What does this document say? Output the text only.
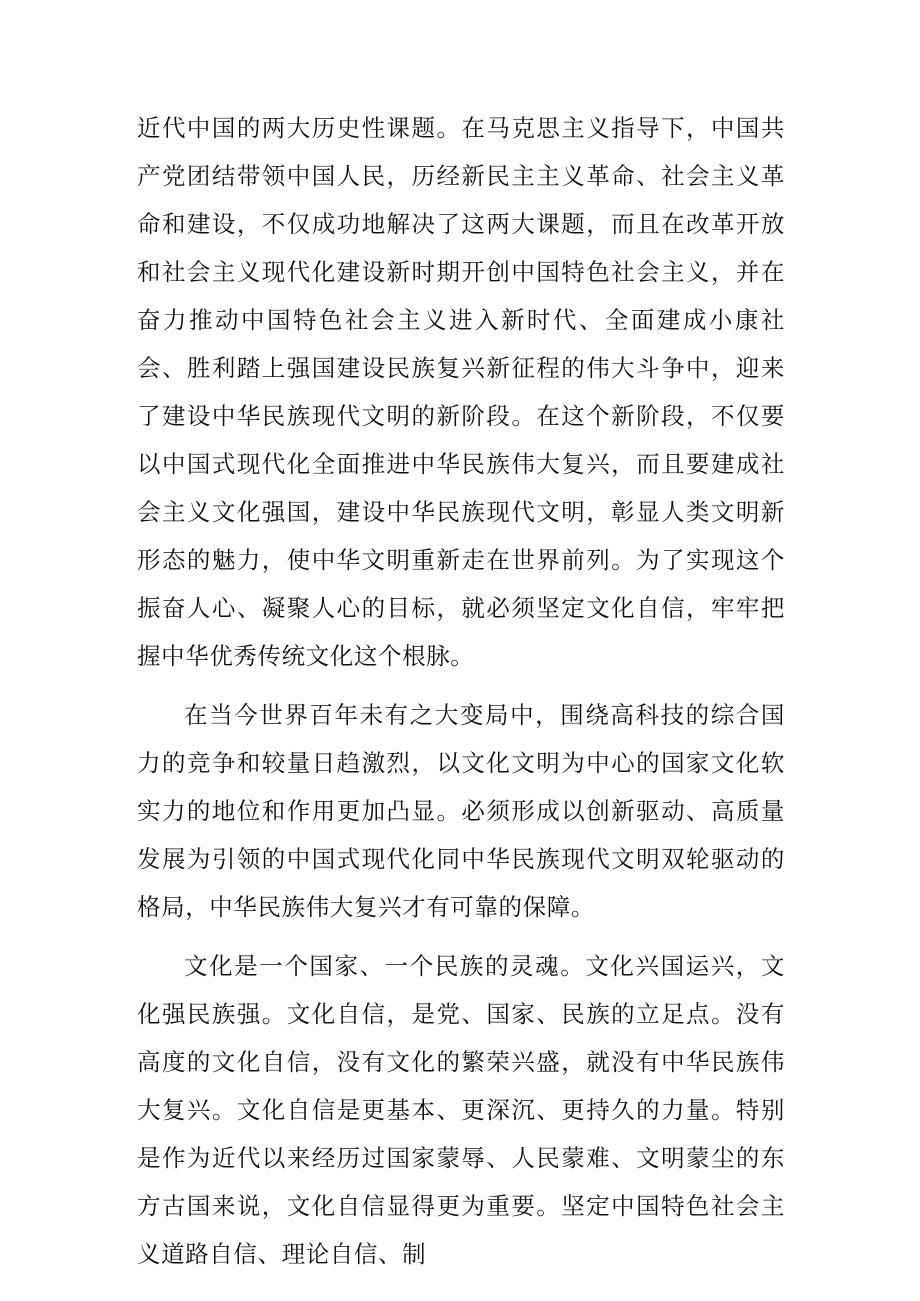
近代中国的两大历史性课题。在马克思主义指导下，中国共产党团结带领中国人民，历经新民主主义革命、社会主义革命和建设，不仅成功地解决了这两大课题，而且在改革开放和社会主义现代化建设新时期开创中国特色社会主义，并在奋力推动中国特色社会主义进入新时代、全面建成小康社会、胜利踏上强国建设民族复兴新征程的伟大斗争中，迎来了建设中华民族现代文明的新阶段。在这个新阶段，不仅要以中国式现代化全面推进中华民族伟大复兴，而且要建成社会主义文化强国，建设中华民族现代文明，彰显人类文明新形态的魅力，使中华文明重新走在世界前列。为了实现这个振奋人心、凝聚人心的目标，就必须坚定文化自信，牢牢把握中华优秀传统文化这个根脉。

在当今世界百年未有之大变局中，围绕高科技的综合国力的竞争和较量日趋激烈，以文化文明为中心的国家文化软实力的地位和作用更加凸显。必须形成以创新驱动、高质量发展为引领的中国式现代化同中华民族现代文明双轮驱动的格局，中华民族伟大复兴才有可靠的保障。

文化是一个国家、一个民族的灵魂。文化兴国运兴，文化强民族强。文化自信，是党、国家、民族的立足点。没有高度的文化自信，没有文化的繁荣兴盛，就没有中华民族伟大复兴。文化自信是更基本、更深沉、更持久的力量。特别是作为近代以来经历过国家蒙辱、人民蒙难、文明蒙尘的东方古国来说，文化自信显得更为重要。坚定中国特色社会主义道路自信、理论自信、制
